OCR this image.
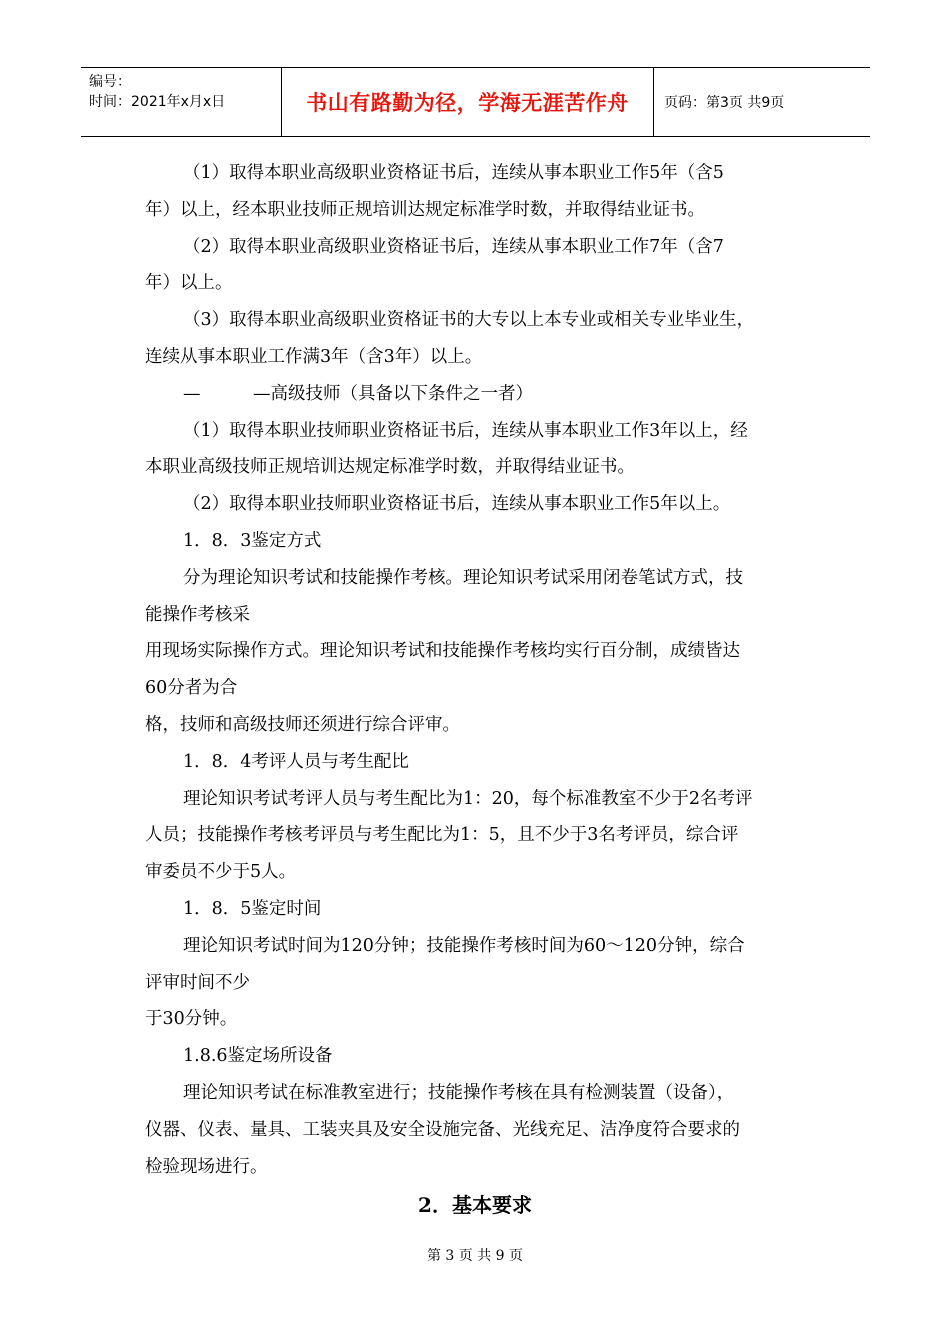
编号：
时间：2021年x月x日	书山有路勤为径，学海无涯苦作舟	页码：第3页 共9页

（1）取得本职业高级职业资格证书后，连续从事本职业工作5年（含5

年）以上，经本职业技师正规培训达规定标准学时数，并取得结业证书。

（2）取得本职业高级职业资格证书后，连续从事本职业工作7年（含7

年）以上。

（3）取得本职业高级职业资格证书的大专以上本专业或相关专业毕业生，

连续从事本职业工作满3年（含3年）以上。

—	—高级技师（具备以下条件之一者）

（1）取得本职业技师职业资格证书后，连续从事本职业工作3年以上，经

本职业高级技师正规培训达规定标准学时数，并取得结业证书。

（2）取得本职业技师职业资格证书后，连续从事本职业工作5年以上。

1．8．3鉴定方式

分为理论知识考试和技能操作考核。理论知识考试采用闭卷笔试方式，技

能操作考核采

用现场实际操作方式。理论知识考试和技能操作考核均实行百分制，成绩皆达

60分者为合

格，技师和高级技师还须进行综合评审。

1．8．4考评人员与考生配比

理论知识考试考评人员与考生配比为1：20，每个标准教室不少于2名考评

人员；技能操作考核考评员与考生配比为1：5，且不少于3名考评员，综合评

审委员不少于5人。

1．8．5鉴定时间

理论知识考试时间为120分钟；技能操作考核时间为60～120分钟，综合

评审时间不少

于30分钟。

1.8.6鉴定场所设备

理论知识考试在标准教室进行；技能操作考核在具有检测装置（设备），

仪器、仪表、量具、工装夹具及安全设施完备、光线充足、洁净度符合要求的

检验现场进行。

2．基本要求
第 3 页 共 9 页
